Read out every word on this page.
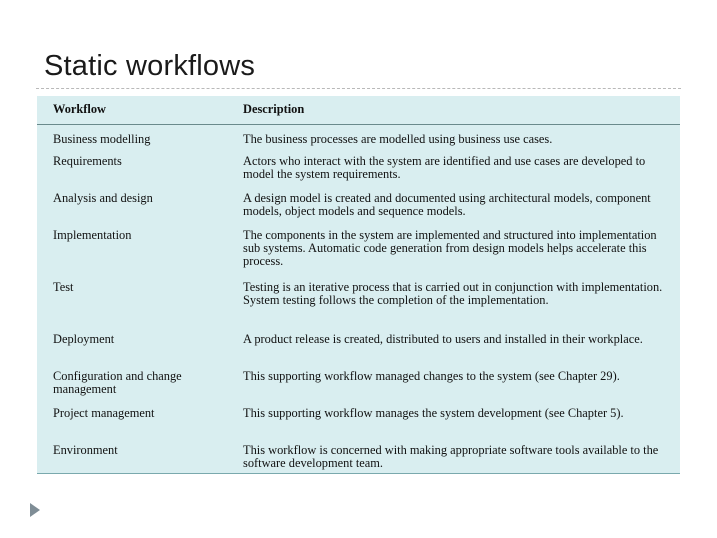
Static workflows
Workflow	Description
Business modelling	The business processes are modelled using business use cases.
Requirements	Actors who interact with the system are identified and use cases are developed to model the system requirements.
Analysis and design	A design model is created and documented using architectural models, component models, object models and sequence models.
Implementation	The components in the system are implemented and structured into implementation sub systems. Automatic code generation from design models helps accelerate this process.
Test	Testing is an iterative process that is carried out in conjunction with implementation. System testing follows the completion of the implementation.
Deployment	A product release is created, distributed to users and installed in their workplace.
Configuration and change management	This supporting workflow managed changes to the system (see Chapter 29).
Project management	This supporting workflow manages the system development (see Chapter 5).
Environment	This workflow is concerned with making appropriate software tools available to the software development team.
